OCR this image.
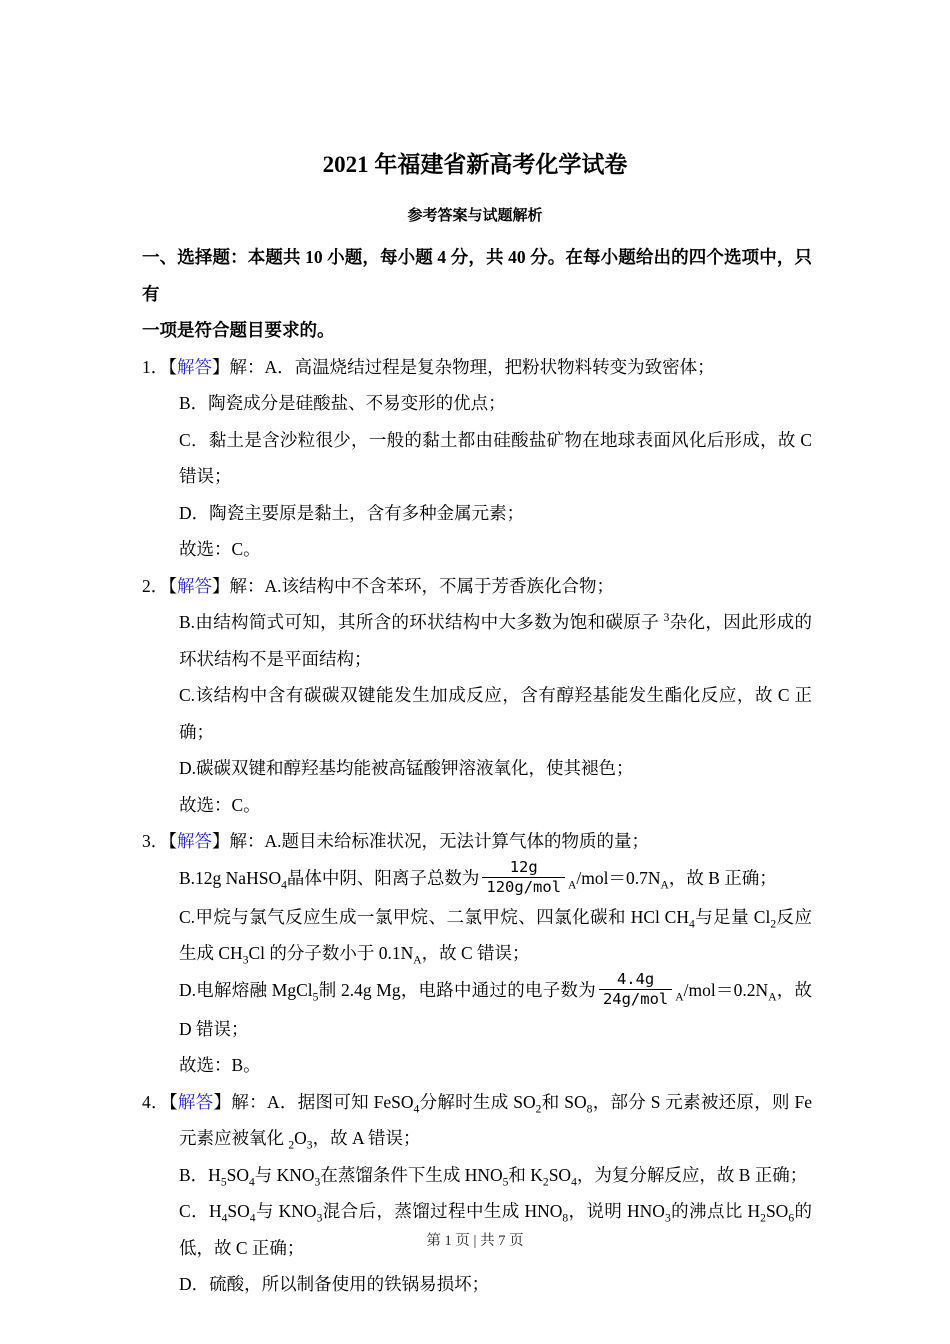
2021 年福建省新高考化学试卷
参考答案与试题解析

一、选择题：本题共 10 小题，每小题 4 分，共 40 分。在每小题给出的四个选项中，只有

一项是符合题目要求的。

1．【解答】解：A．高温烧结过程是复杂物理，把粉状物料转变为致密体；

B．陶瓷成分是硅酸盐、不易变形的优点；

C．黏土是含沙粒很少，一般的黏土都由硅酸盐矿物在地球表面风化后形成，故 C 错误；

D．陶瓷主要原是黏土，含有多种金属元素；

故选：C。

2．【解答】解：A.该结构中不含苯环，不属于芳香族化合物；

B.由结构简式可知，其所含的环状结构中大多数为饱和碳原子 $^3$杂化，因此形成的环状结构不是平面结构；

C.该结构中含有碳碳双键能发生加成反应，含有醇羟基能发生酯化反应，故 C 正确；

D.碳碳双键和醇羟基均能被高锰酸钾溶液氧化，使其褪色；

故选：C。

3．【解答】解：A.题目未给标准状况，无法计算气体的物质的量；

B.12g NaHSO$_4$晶体中阴、阳离子总数为 $\frac{12g}{\text{120g/mol}} _A/mol=0.7N_A$，故 B 正确；

C.甲烷与氯气反应生成一氯甲烷、二氯甲烷、四氯化碳和 HCl $CH_4$与足量 $Cl_2$反应生成 $CH_3Cl$ 的分子数小于 $0.1N_A$，故 C 错误；

D.电解熔融 MgCl$_5$制 2.4g Mg，电路中通过的电子数为 $\frac{4.4g}{\text{24g/mol}} _A/mol=0.2N_A$，故 D 错误；

故选：B。

4．【解答】解：A．据图可知 FeSO$_4$分解时生成 $SO_2$和 $SO_8$，部分 S 元素被还原，则 Fe 元素应被氧化 $_2O_3$，故 A 错误；

B．$H_5SO_4$与 $KNO_3$在蒸馏条件下生成 $HNO_5$和 $K_2SO_4$，为复分解反应，故 B 正确；

C．$H_4SO_4$与 $KNO_3$混合后，蒸馏过程中生成 $HNO_8$，说明 $HNO_3$的沸点比 $H_2SO_6$的低，故 C 正确；

D．硫酸，所以制备使用的铁锅易损坏；

第 1 页 | 共 7 页
